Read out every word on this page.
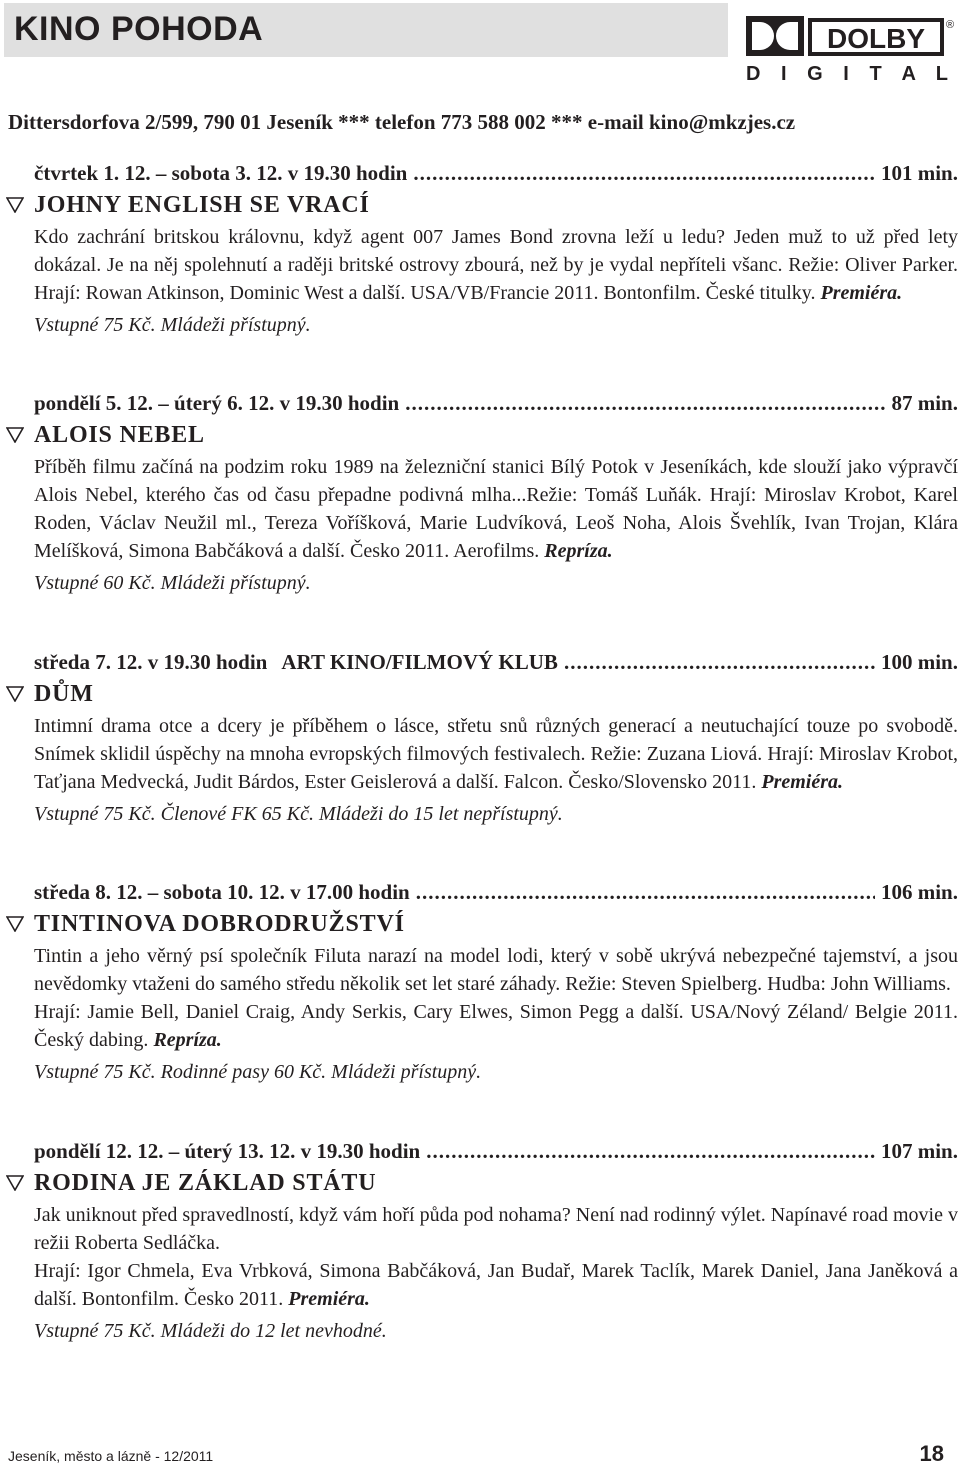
KINO POHODA	DOLBY ®
D I G I T A L
Dittersdorfova 2/599, 790 01 Jeseník *** telefon 773 588 002 *** e-mail kino@mkzjes.cz
čtvrtek 1. 12. – sobota 3. 12. v 19.30 hodin .....	101 min.
JOHNY ENGLISH SE VRACÍ

Kdo zachrání britskou královnu, když agent 007 James Bond zrovna leží u ledu? Jeden muž to už před lety dokázal. Je na něj spolehnutí a raději britské ostrovy zbourá, než by je vydal nepříteli všanc. Režie: Oliver Parker. Hrají: Rowan Atkinson, Dominic West a další. USA/VB/Francie 2011. Bontonfilm. České titulky. Premiéra.

Vstupné 75 Kč. Mládeži přístupný.
pondělí 5. 12. – úterý 6. 12. v 19.30 hodin .....	87 min.
ALOIS NEBEL

Příběh filmu začíná na podzim roku 1989 na železniční stanici Bílý Potok v Jeseníkách, kde slouží jako výpravčí Alois Nebel, kterého čas od času přepadne podivná mlha...Režie: Tomáš Luňák. Hrají: Miroslav Krobot, Karel Roden, Václav Neužil ml., Tereza Voříšková, Marie Ludvíková, Leoš Noha, Alois Švehlík, Ivan Trojan, Klára Melíšková, Simona Babčáková a další. Česko 2011. Aerofilms. Repríza.

Vstupné 60 Kč. Mládeži přístupný.
středa 7. 12. v 19.30 hodin ART KINO/FILMOVÝ KLUB .....	100 min.
DŮM

Intimní drama otce a dcery je příběhem o lásce, střetu snů různých generací a neutuchající touze po svobodě. Snímek sklidil úspěchy na mnoha evropských filmových festivalech. Režie: Zuzana Liová. Hrají: Miroslav Krobot, Taťjana Medvecká, Judit Bárdos, Ester Geislerová a další. Falcon. Česko/Slovensko 2011. Premiéra.

Vstupné 75 Kč. Členové FK 65 Kč. Mládeži do 15 let nepřístupný.
středa 8. 12. – sobota 10. 12. v 17.00 hodin .....	106 min.
TINTINOVA DOBRODRUŽSTVÍ

Tintin a jeho věrný psí společník Filuta narazí na model lodi, který v sobě ukrývá nebezpečné tajemství, a jsou nevědomky vtaženi do samého středu několik set let staré záhady. Režie: Steven Spielberg. Hudba: John Williams.

Hrají: Jamie Bell, Daniel Craig, Andy Serkis, Cary Elwes, Simon Pegg a další. USA/Nový Zéland/ Belgie 2011. Český dabing. Repríza.

Vstupné 75 Kč. Rodinné pasy 60 Kč. Mládeži přístupný.
pondělí 12. 12. – úterý 13. 12. v 19.30 hodin .....	107 min.
RODINA JE ZÁKLAD STÁTU

Jak uniknout před spravedlností, když vám hoří půda pod nohama? Není nad rodinný výlet. Napínavé road movie v režii Roberta Sedláčka.

Hrají: Igor Chmela, Eva Vrbková, Simona Babčáková, Jan Budař, Marek Taclík, Marek Daniel, Jana Janěková a další. Bontonfilm. Česko 2011. Premiéra.

Vstupné 75 Kč. Mládeži do 12 let nevhodné.
Jeseník, město a lázně - 12/2011	18
